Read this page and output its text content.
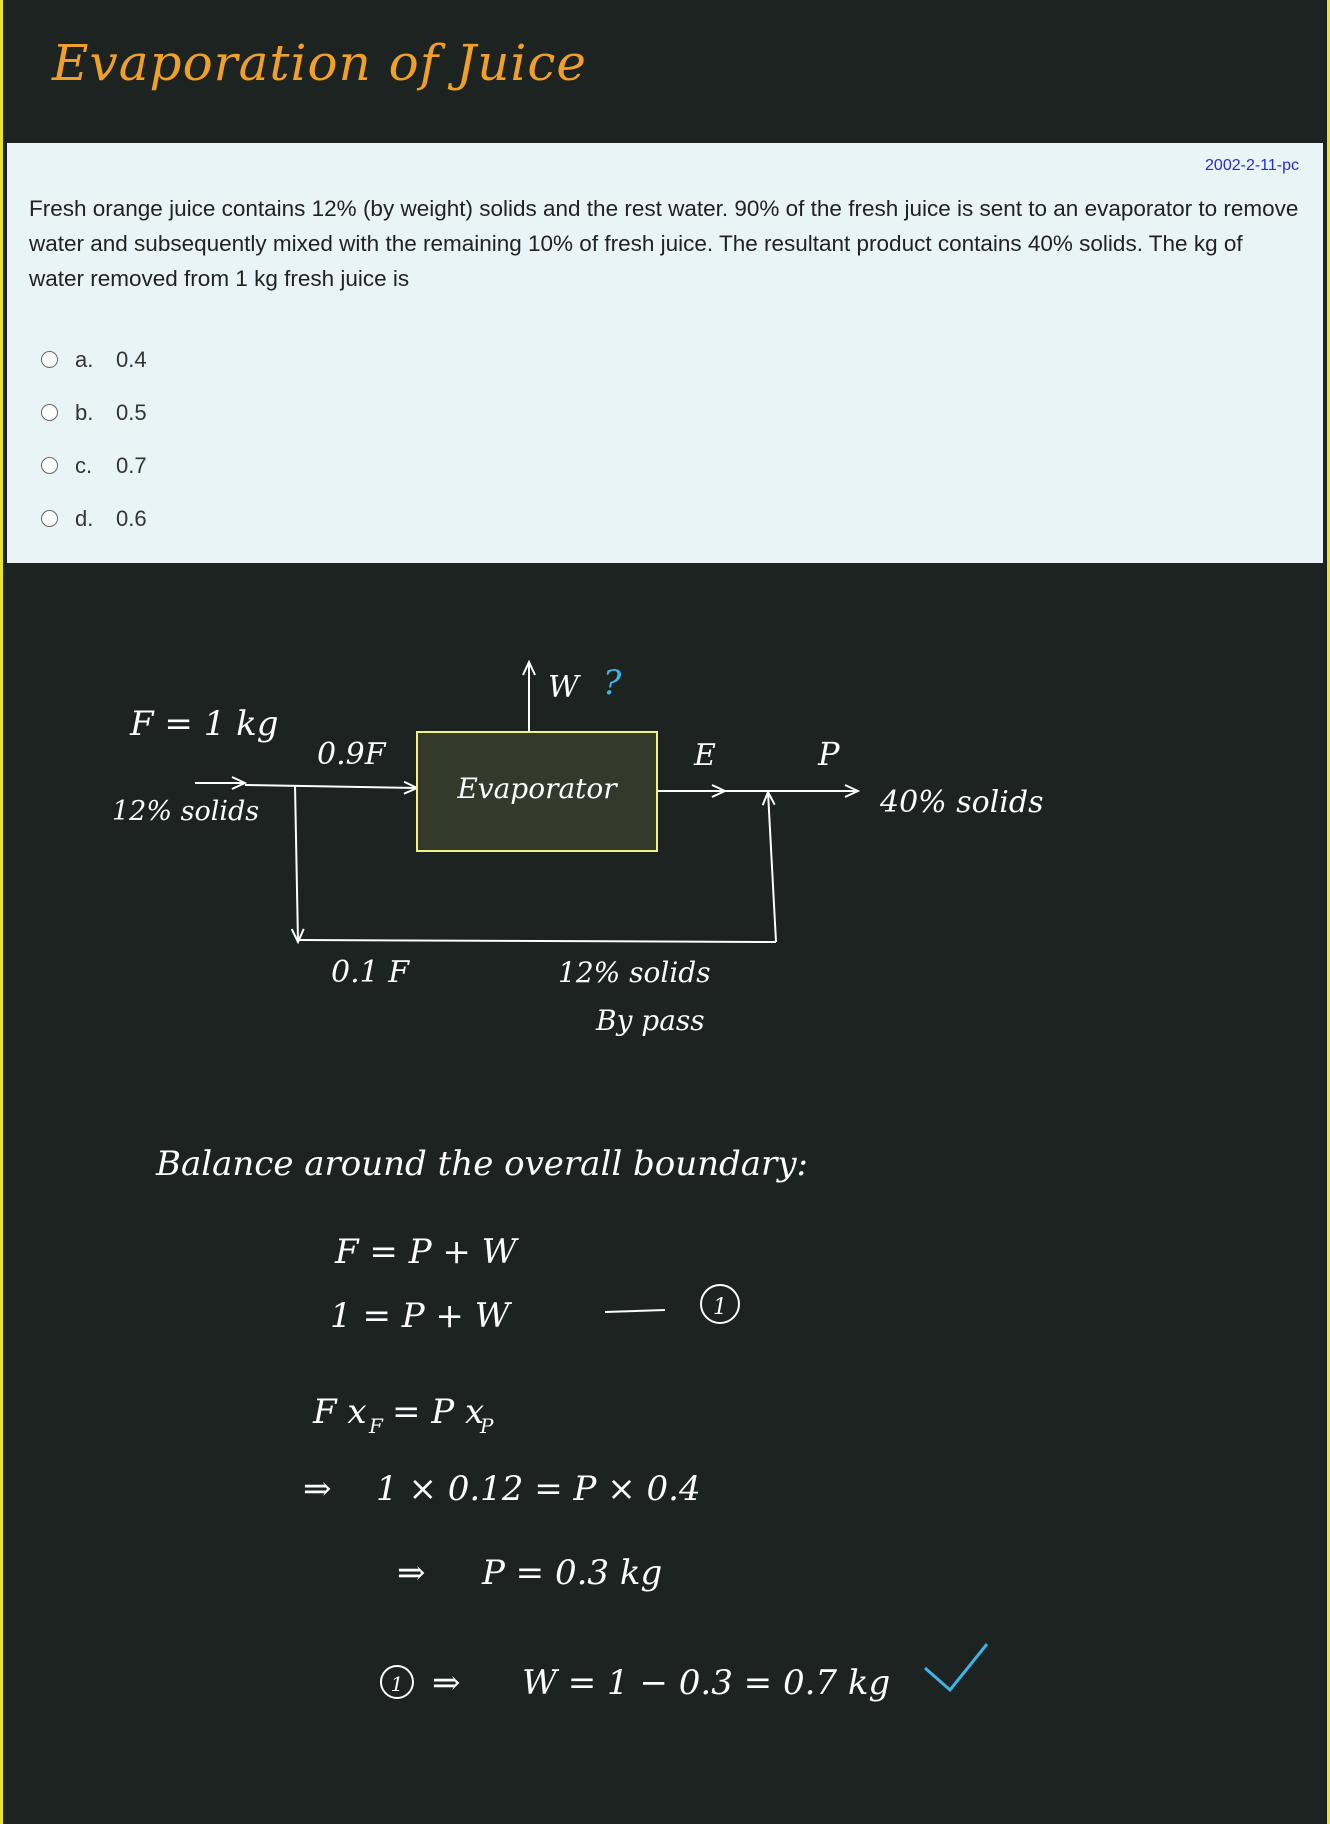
Evaporation of Juice
2002-2-11-pc

Fresh orange juice contains 12% (by weight) solids and the rest water. 90% of the fresh juice is sent to an evaporator to remove water and subsequently mixed with the remaining 10% of fresh juice. The resultant product contains 40% solids. The kg of water removed from 1 kg fresh juice is

a.	0.4
b.	0.5
c.	0.7
d.	0.6
F = 1 kg
12% solids
0.9F
Evaporator
W ?
E	P
40% solids
0.1 F	12% solids
By pass
Balance around the overall boundary:
F = P + W
1 = P + W	1
F x F = P x
P
⇒ 1 × 0.12 = P × 0.4
⇒ P = 0.3 kg
1 ⇒ W = 1 − 0.3 = 0.7 kg
